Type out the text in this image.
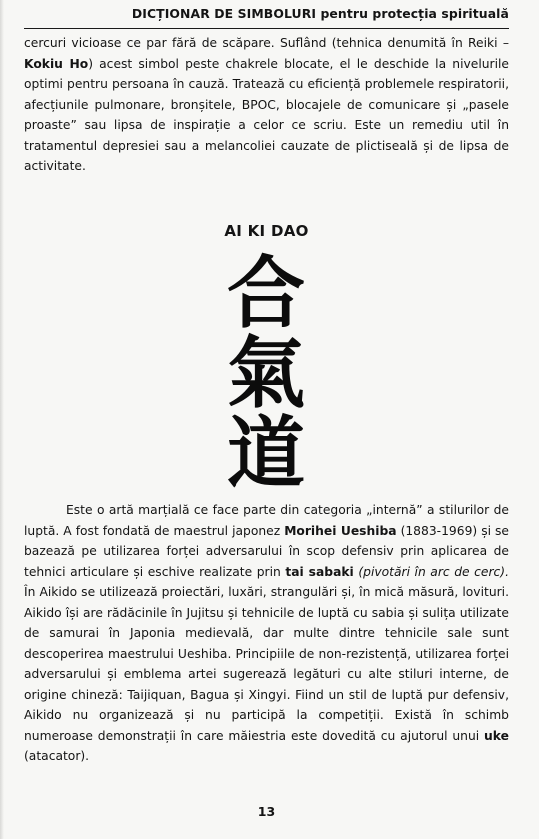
DICȚIONAR DE SIMBOLURI pentru protecția spirituală

cercuri vicioase ce par fără de scăpare. Suflând (tehnica denumită în Reiki – Kokiu Ho) acest simbol peste chakrele blocate, el le deschide la nivelurile optimi pentru persoana în cauză. Tratează cu eficiență problemele respiratorii, afecțiunile pulmonare, bronșitele, BPOC, blocajele de comunicare și „pasele proaste” sau lipsa de inspirație a celor ce scriu. Este un remediu util în tratamentul depresiei sau a melancoliei cauzate de plictiseală și de lipsa de activitate.

AI KI DAO
合
氣
道

Este o artă marțială ce face parte din categoria „internă” a stilurilor de luptă. A fost fondată de maestrul japonez Morihei Ueshiba (1883-1969) și se bazează pe utilizarea forței adversarului în scop defensiv prin aplicarea de tehnici articulare și eschive realizate prin tai sabaki (pivotări în arc de cerc). În Aikido se utilizează proiectări, luxări, strangulări și, în mică măsură, lovituri. Aikido își are rădăcinile în Jujitsu și tehnicile de luptă cu sabia și sulița utilizate de samurai în Japonia medievală, dar multe dintre tehnicile sale sunt descoperirea maestrului Ueshiba. Principiile de non-rezistență, utilizarea forței adversarului și emblema artei sugerează legături cu alte stiluri interne, de origine chineză: Taijiquan, Bagua și Xingyi. Fiind un stil de luptă pur defensiv, Aikido nu organizează și nu participă la competiții. Există în schimb numeroase demonstrații în care măiestria este dovedită cu ajutorul unui uke (atacator).

13
